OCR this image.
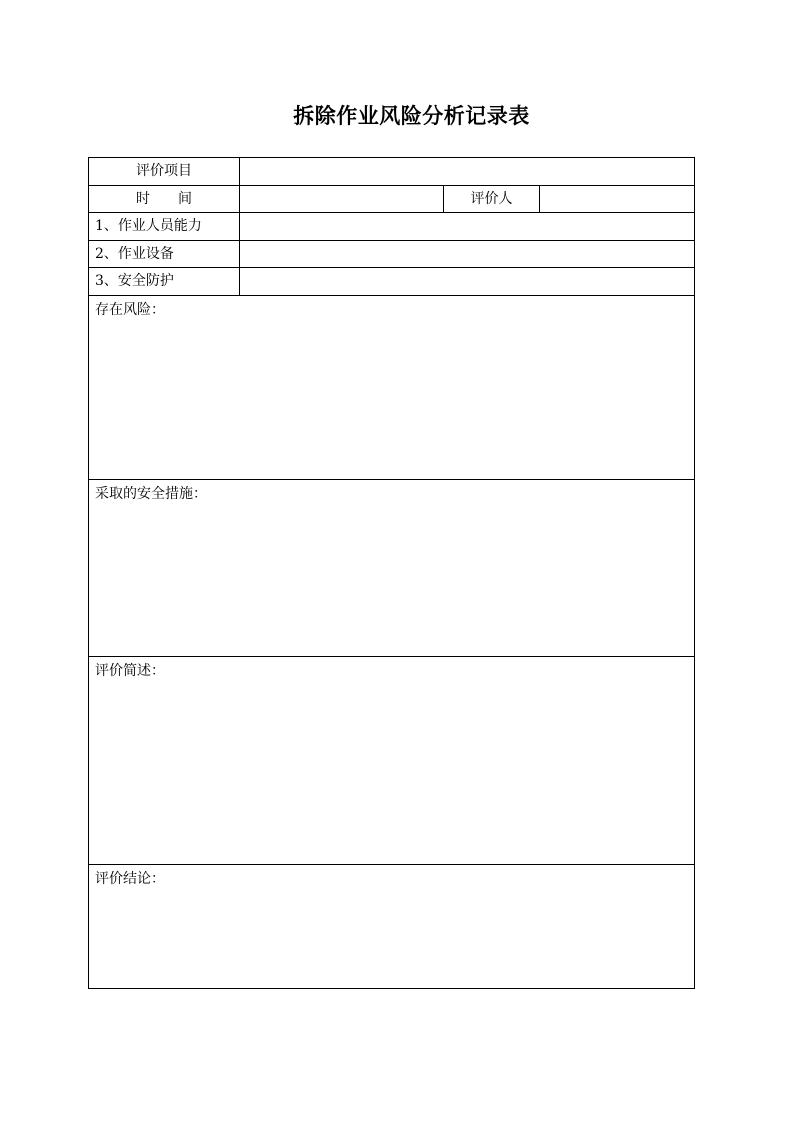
拆除作业风险分析记录表
评价项目
时　　间	评价人
1、作业人员能力
2、作业设备
3、安全防护
存在风险：
采取的安全措施：
评价简述：
评价结论：
